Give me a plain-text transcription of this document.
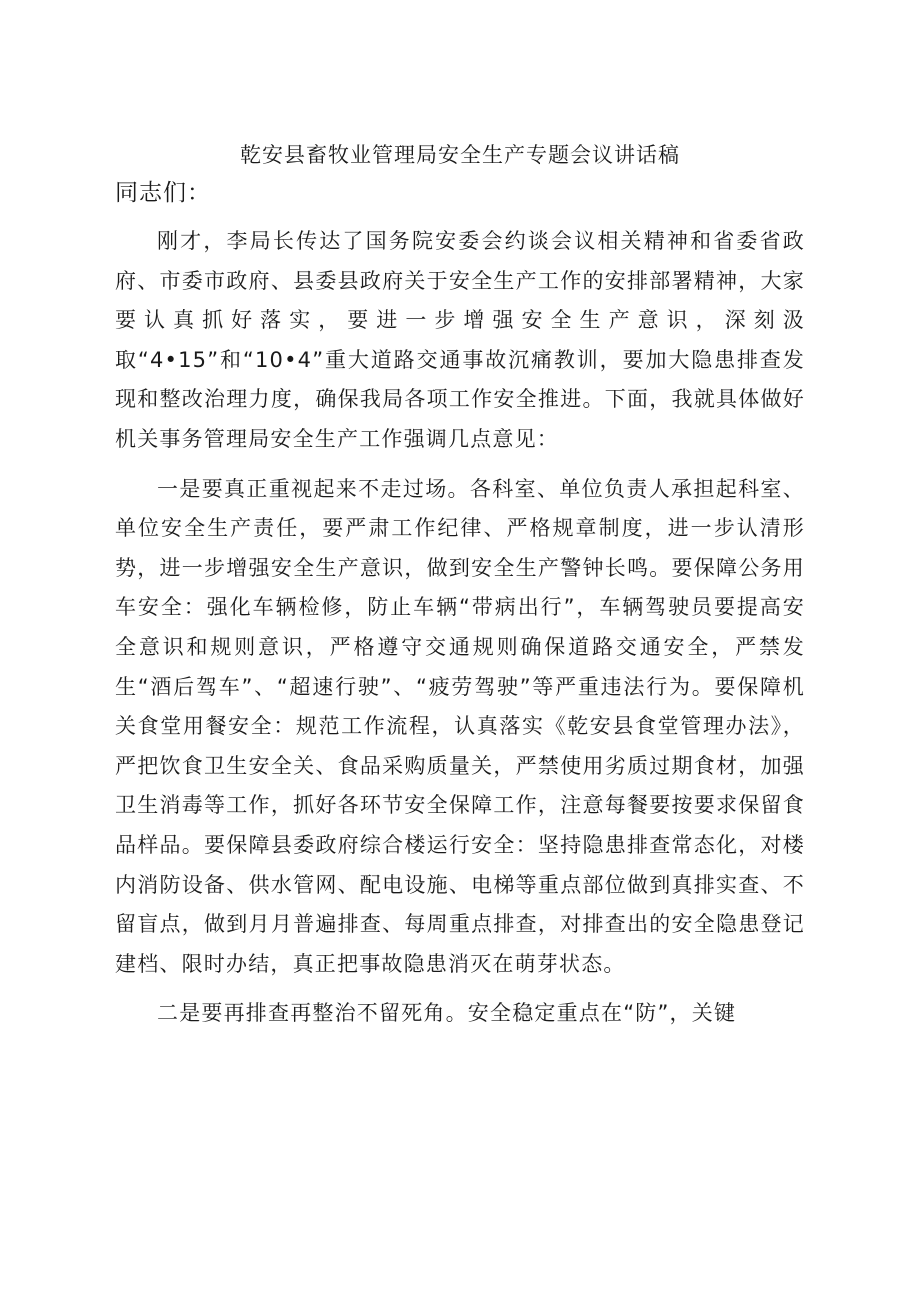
乾安县畜牧业管理局安全生产专题会议讲话稿
同志们：

刚才，李局长传达了国务院安委会约谈会议相关精神和省委省政府、市委市政府、县委县政府关于安全生产工作的安排部署精神，大家要认真抓好落实，要进一步增强安全生产意识，深刻汲取“4•15”和“10•4”重大道路交通事故沉痛教训，要加大隐患排查发现和整改治理力度，确保我局各项工作安全推进。下面，我就具体做好机关事务管理局安全生产工作强调几点意见：

一是要真正重视起来不走过场。各科室、单位负责人承担起科室、单位安全生产责任，要严肃工作纪律、严格规章制度，进一步认清形势，进一步增强安全生产意识，做到安全生产警钟长鸣。要保障公务用车安全：强化车辆检修，防止车辆“带病出行”，车辆驾驶员要提高安全意识和规则意识，严格遵守交通规则确保道路交通安全，严禁发生“酒后驾车”、“超速行驶”、“疲劳驾驶”等严重违法行为。要保障机关食堂用餐安全：规范工作流程，认真落实《乾安县食堂管理办法》，严把饮食卫生安全关、食品采购质量关，严禁使用劣质过期食材，加强卫生消毒等工作，抓好各环节安全保障工作，注意每餐要按要求保留食品样品。要保障县委政府综合楼运行安全：坚持隐患排查常态化，对楼内消防设备、供水管网、配电设施、电梯等重点部位做到真排实查、不留盲点，做到月月普遍排查、每周重点排查，对排查出的安全隐患登记建档、限时办结，真正把事故隐患消灭在萌芽状态。

二是要再排查再整治不留死角。安全稳定重点在“防”，关键
